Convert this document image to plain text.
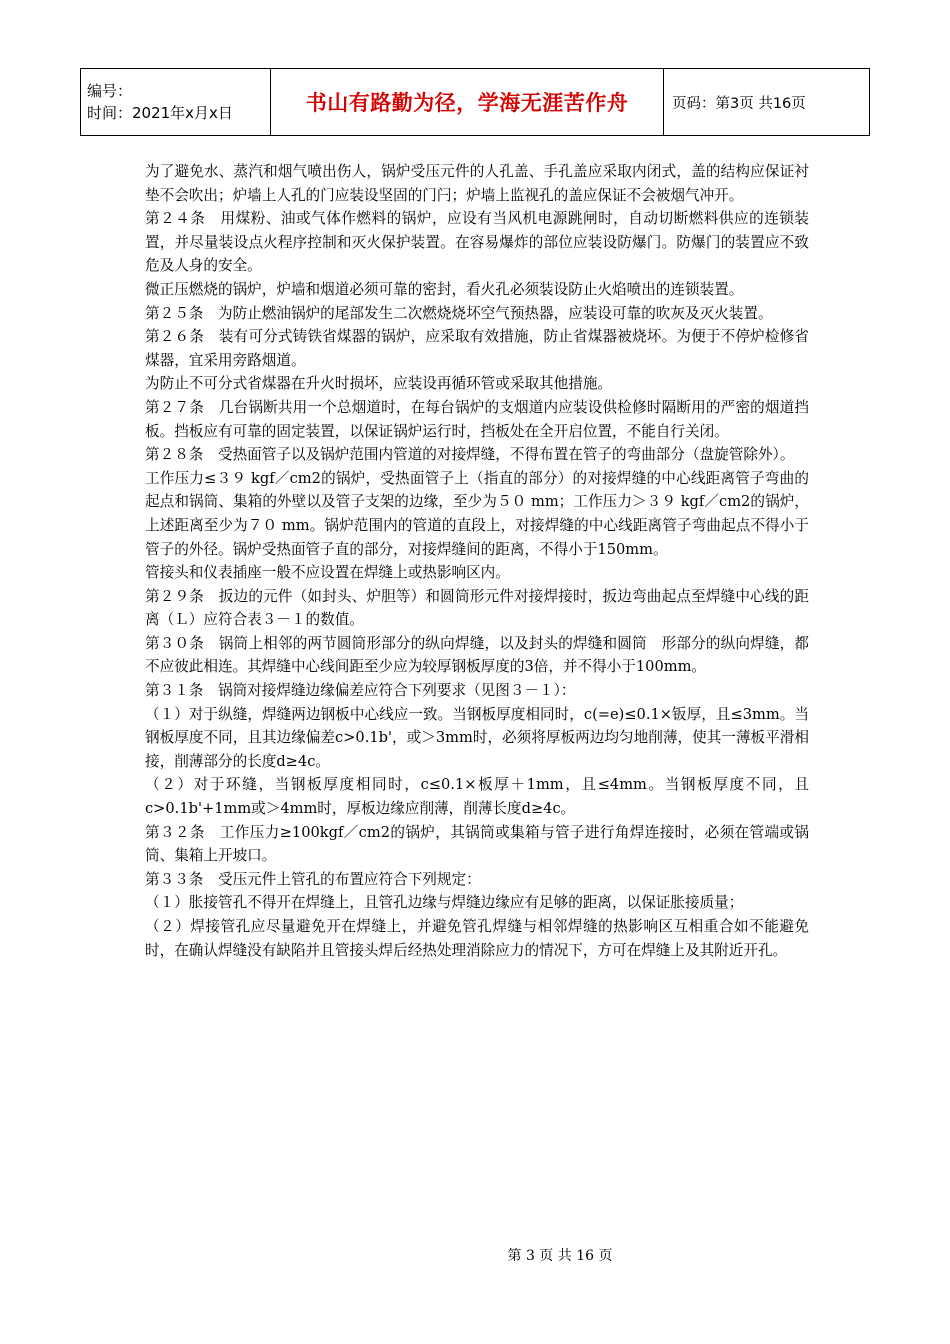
编号：
时间：2021年x月x日	书山有路勤为径，学海无涯苦作舟	页码：第3页 共16页

为了避免水、蒸汽和烟气喷出伤人，锅炉受压元件的人孔盖、手孔盖应采取内闭式，盖的结构应保证衬垫不会吹出；炉墙上人孔的门应装设坚固的门闩；炉墙上监视孔的盖应保证不会被烟气冲开。

第２４条　用煤粉、油或气体作燃料的锅炉，应设有当风机电源跳闸时，自动切断燃料供应的连锁装置，并尽量装设点火程序控制和灭火保护装置。在容易爆炸的部位应装设防爆门。防爆门的装置应不致危及人身的安全。

微正压燃烧的锅炉，炉墙和烟道必须可靠的密封，看火孔必须装设防止火焰喷出的连锁装置。

第２５条　为防止燃油锅炉的尾部发生二次燃烧烧坏空气预热器，应装设可靠的吹灰及灭火装置。

第２６条　装有可分式铸铁省煤器的锅炉，应采取有效措施，防止省煤器被烧坏。为便于不停炉检修省煤器，宜采用旁路烟道。

为防止不可分式省煤器在升火时损坏，应装设再循环管或采取其他措施。

第２７条　几台锅断共用一个总烟道时，在每台锅炉的支烟道内应装设供检修时隔断用的严密的烟道挡板。挡板应有可靠的固定装置，以保证锅炉运行时，挡板处在全开启位置，不能自行关闭。

第２８条　受热面管子以及锅炉范围内管道的对接焊缝，不得布置在管子的弯曲部分（盘旋管除外）。

工作压力≤３９ kgf／cm2的锅炉，受热面管子上（指直的部分）的对接焊缝的中心线距离管子弯曲的起点和锅筒、集箱的外壁以及管子支架的边缘，至少为５０ mm；工作压力＞３９ kgf／cm2的锅炉，上述距离至少为７０ mm。锅炉范围内的管道的直段上，对接焊缝的中心线距离管子弯曲起点不得小于管子的外径。锅炉受热面管子直的部分，对接焊缝间的距离，不得小于150mm。

管接头和仪表插座一般不应设置在焊缝上或热影响区内。

第２９条　扳边的元件（如封头、炉胆等）和圆筒形元件对接焊接时，扳边弯曲起点至焊缝中心线的距离（Ｌ）应符合表３－１的数值。

第３０条　锅筒上相邻的两节圆筒形部分的纵向焊缝，以及封头的焊缝和圆筒　形部分的纵向焊缝，都不应彼此相连。其焊缝中心线间距至少应为较厚钢板厚度的3倍，并不得小于100mm。

第３１条　锅筒对接焊缝边缘偏差应符合下列要求（见图３－１）：

（１）对于纵缝，焊缝两边钢板中心线应一致。当钢板厚度相同时，c(=e)≤0.1×钣厚，且≤3mm。当钢板厚度不同，且其边缘偏差c>0.1b'，或＞3mm时，必须将厚板两边均匀地削薄，使其一薄板平滑相接，削薄部分的长度d≥4c。

（２）对于环缝，当钢板厚度相同时，c≤0.1×板厚＋1mm，且≤4mm。当钢板厚度不同，且c>0.1b'+1mm或＞4mm时，厚板边缘应削薄，削薄长度d≥4c。

第３２条　工作压力≥100kgf／cm2的锅炉，其锅筒或集箱与管子进行角焊连接时，必须在管端或锅筒、集箱上开坡口。

第３３条　受压元件上管孔的布置应符合下列规定：

（１）胀接管孔不得开在焊缝上，且管孔边缘与焊缝边缘应有足够的距离，以保证胀接质量；

（２）焊接管孔应尽量避免开在焊缝上，并避免管孔焊缝与相邻焊缝的热影响区互相重合如不能避免时，在确认焊缝没有缺陷并且管接头焊后经热处理消除应力的情况下，方可在焊缝上及其附近开孔。

第 3 页 共 16 页
